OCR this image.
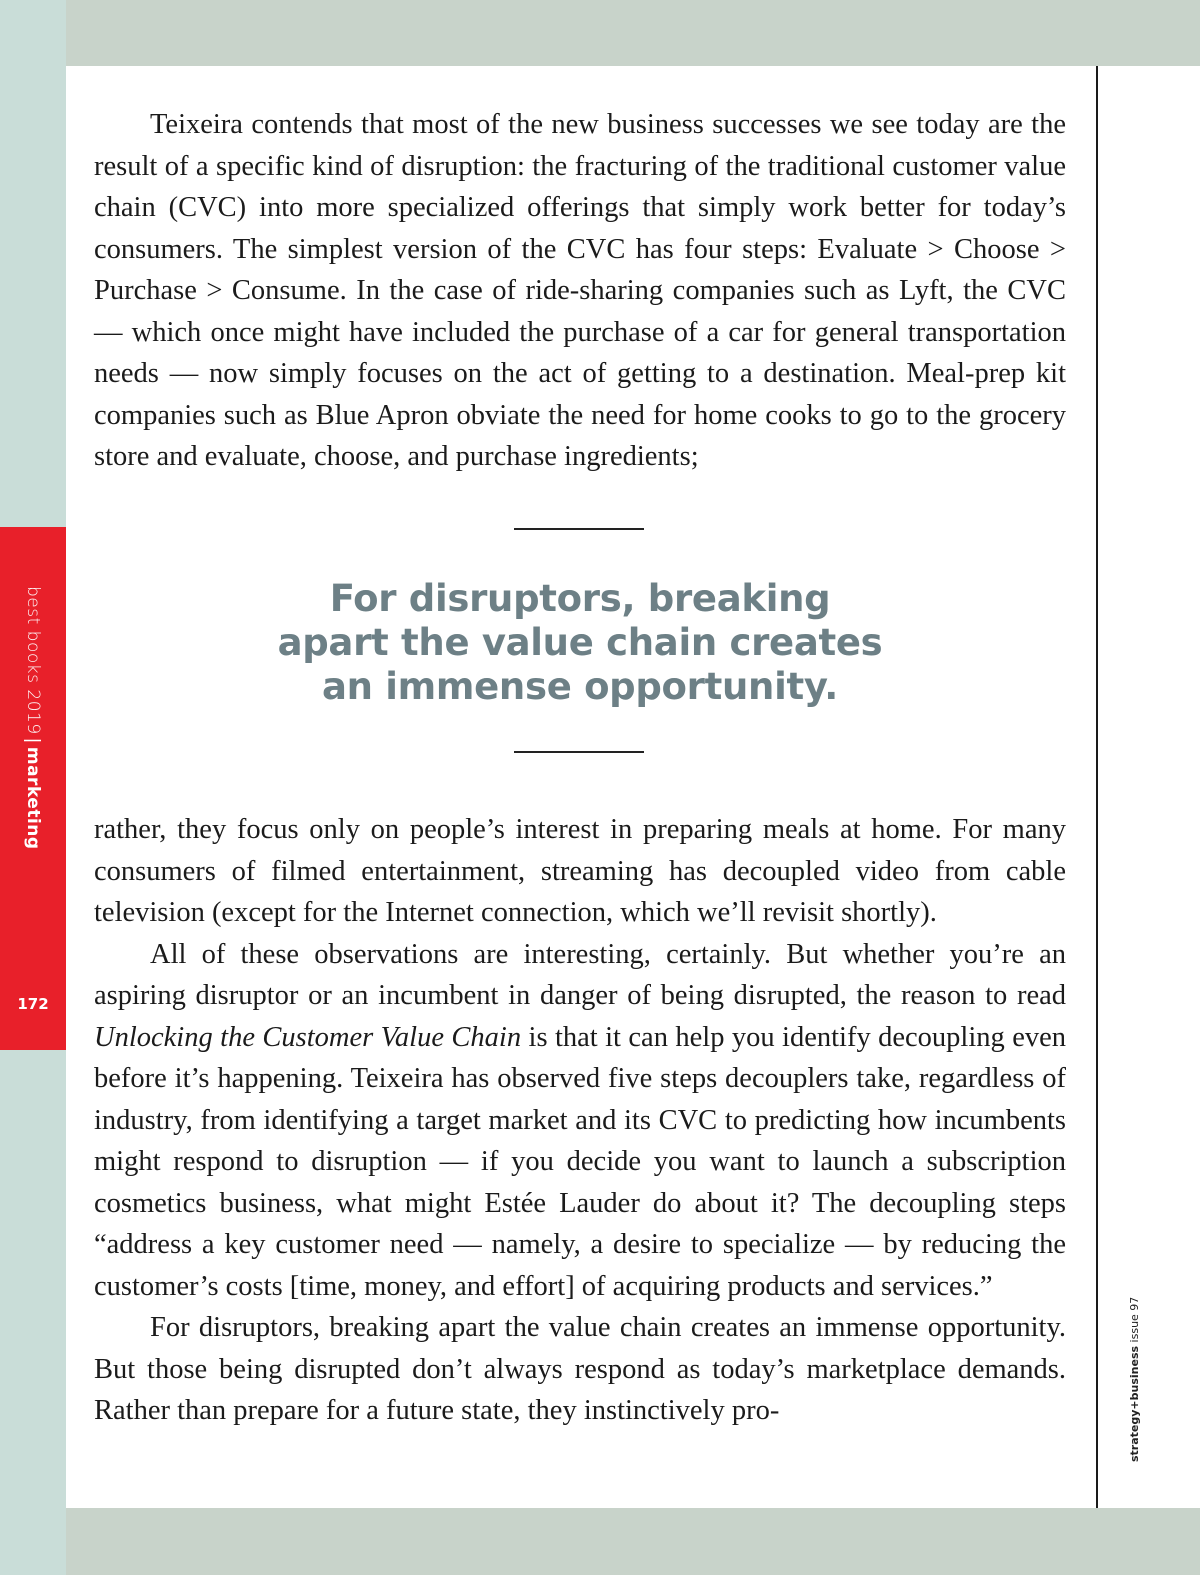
best books 2019|marketing
172
strategy+business issue 97

Teixeira contends that most of the new business successes we see today are the result of a specific kind of disruption: the fracturing of the traditional customer value chain (CVC) into more specialized offerings that simply work better for today’s consumers. The simplest version of the CVC has four steps: Evaluate > Choose > Purchase > Consume. In the case of ride-sharing companies such as Lyft, the CVC — which once might have included the purchase of a car for general transportation needs — now simply focuses on the act of getting to a destination. Meal-prep kit companies such as Blue Apron obviate the need for home cooks to go to the grocery store and evaluate, choose, and purchase ingredients;

For disruptors, breaking
apart the value chain creates
an immense opportunity.

rather, they focus only on people’s interest in preparing meals at home. For many consumers of filmed entertainment, streaming has decoupled video from cable television (except for the Internet connection, which we’ll revisit shortly).

All of these observations are interesting, certainly. But whether you’re an aspiring disruptor or an incumbent in danger of being disrupted, the reason to read Unlocking the Customer Value Chain is that it can help you identify decoupling even before it’s happening. Teixeira has observed five steps decouplers take, regardless of industry, from identifying a target market and its CVC to predicting how incumbents might respond to disruption — if you decide you want to launch a subscription cosmetics business, what might Estée Lauder do about it? The decoupling steps “address a key customer need — namely, a desire to specialize — by reducing the customer’s costs [time, money, and effort] of acquiring products and services.”

For disruptors, breaking apart the value chain creates an immense opportunity. But those being disrupted don’t always respond as today’s marketplace demands. Rather than prepare for a future state, they instinctively pro-
